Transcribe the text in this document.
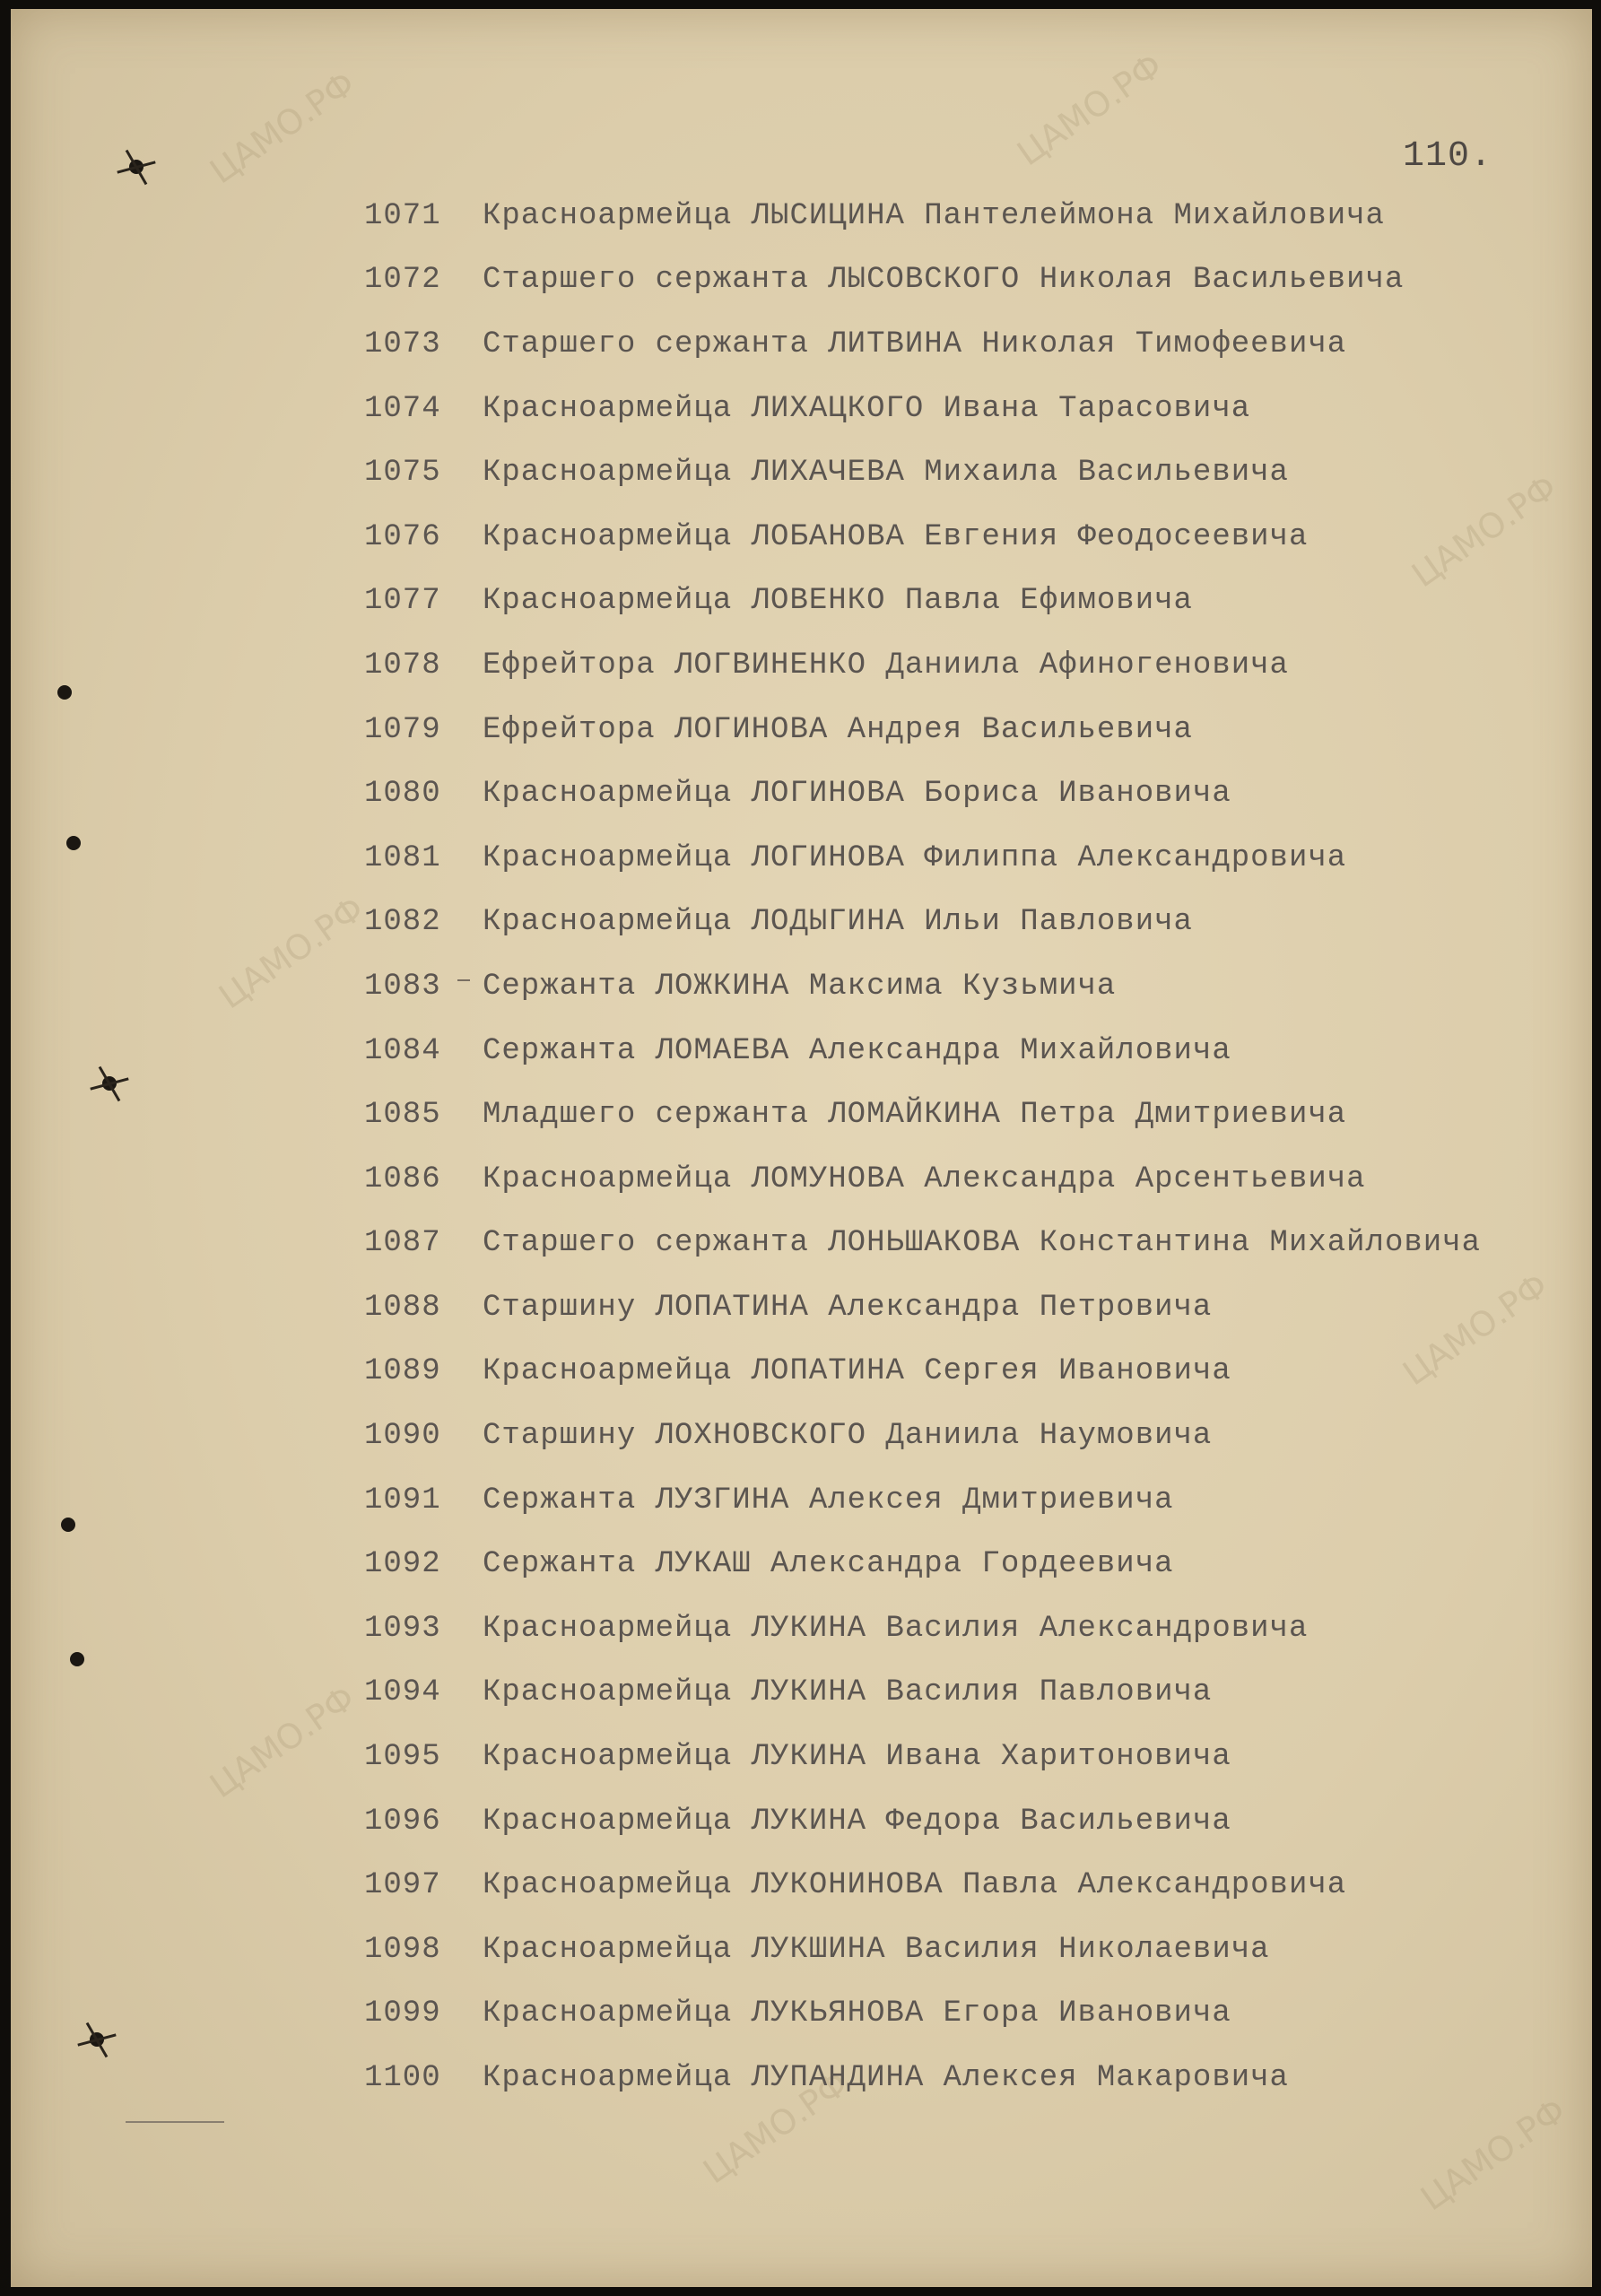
ЦАМО.РФ	ЦАМО.РФ
ЦАМО.РФ
ЦАМО.РФ
ЦАМО.РФ
ЦАМО.РФ
ЦАМО.РФ	ЦАМО.РФ
110.
1071	Красноармейца ЛЫСИЦИНА Пантелеймона Михайловича
1072	Старшего сержанта ЛЫСОВСКОГО Николая Васильевича
1073	Старшего сержанта ЛИТВИНА Николая Тимофеевича
1074	Красноармейца ЛИХАЦКОГО Ивана Тарасовича
1075	Красноармейца ЛИХАЧЕВА Михаила Васильевича
1076	Красноармейца ЛОБАНОВА Евгения Феодосеевича
1077	Красноармейца ЛОВЕНКО Павла Ефимовича
1078	Ефрейтора ЛОГВИНЕНКО Даниила Афиногеновича
1079	Ефрейтора ЛОГИНОВА Андрея Васильевича
1080	Красноармейца ЛОГИНОВА Бориса Ивановича
1081	Красноармейца ЛОГИНОВА Филиппа Александровича
1082	Красноармейца ЛОДЫГИНА Ильи Павловича
1083	Сержанта ЛОЖКИНА Максима Кузьмича
1084	Сержанта ЛОМАЕВА Александра Михайловича
1085	Младшего сержанта ЛОМАЙКИНА Петра Дмитриевича
1086	Красноармейца ЛОМУНОВА Александра Арсентьевича
1087	Старшего сержанта ЛОНЬШАКОВА Константина Михайловича
1088	Старшину ЛОПАТИНА Александра Петровича
1089	Красноармейца ЛОПАТИНА Сергея Ивановича
1090	Старшину ЛОХНОВСКОГО Даниила Наумовича
1091	Сержанта ЛУЗГИНА Алексея Дмитриевича
1092	Сержанта ЛУКАШ Александра Гордеевича
1093	Красноармейца ЛУКИНА Василия Александровича
1094	Красноармейца ЛУКИНА Василия Павловича
1095	Красноармейца ЛУКИНА Ивана Харитоновича
1096	Красноармейца ЛУКИНА Федора Васильевича
1097	Красноармейца ЛУКОНИНОВА Павла Александровича
1098	Красноармейца ЛУКШИНА Василия Николаевича
1099	Красноармейца ЛУКЬЯНОВА Егора Ивановича
1100	Красноармейца ЛУПАНДИНА Алексея Макаровича
